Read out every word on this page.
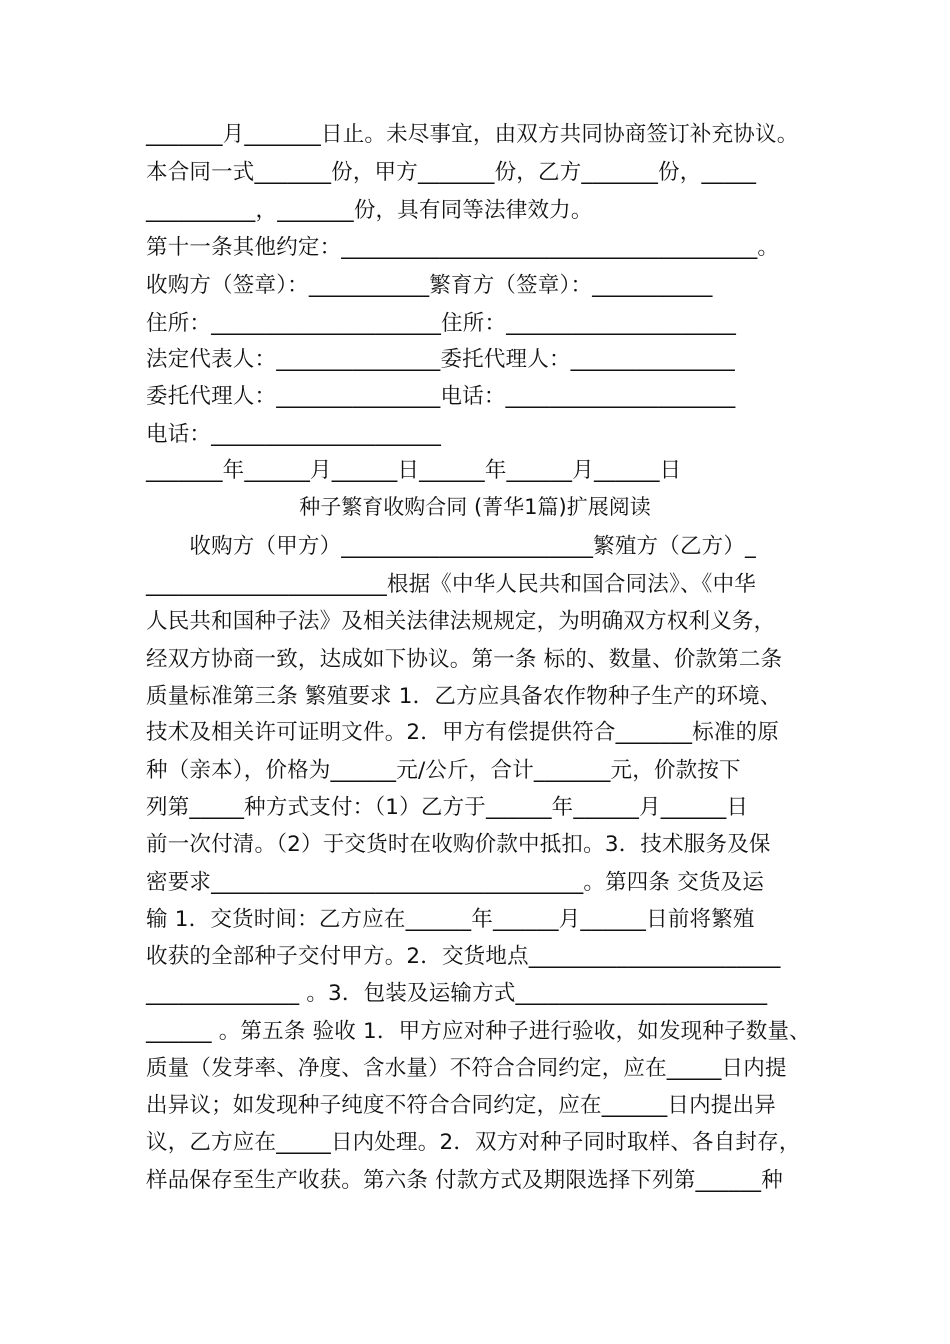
_______月_______日止。未尽事宜，由双方共同协商签订补充协议。
本合同一式_______份，甲方_______份，乙方_______份，_____
__________，_______份，具有同等法律效力。
第十一条其他约定：______________________________________。
收购方（签章）：___________繁育方（签章）：___________
住所：_____________________住所：_____________________
法定代表人：_______________委托代理人：_______________
委托代理人：_______________电话：_____________________
电话：_____________________
_______年______月______日______年______月______日
种子繁育收购合同 (菁华1篇)扩展阅读
　　收购方（甲方）_______________________繁殖方（乙方）_
______________________根据《中华人民共和国合同法》、《中华
人民共和国种子法》及相关法律法规规定，为明确双方权利义务，
经双方协商一致，达成如下协议。第一条 标的、数量、价款第二条
质量标准第三条 繁殖要求 1．乙方应具备农作物种子生产的环境、
技术及相关许可证明文件。2．甲方有偿提供符合_______标准的原
种（亲本），价格为______元/公斤，合计_______元，价款按下
列第_____种方式支付：（1）乙方于______年______月______日
前一次付清。（2）于交货时在收购价款中抵扣。3．技术服务及保
密要求__________________________________。第四条 交货及运
输 1．交货时间：乙方应在______年______月______日前将繁殖
收获的全部种子交付甲方。2．交货地点_______________________
______________ 。3．包装及运输方式_______________________
______ 。第五条 验收 1．甲方应对种子进行验收，如发现种子数量、
质量（发芽率、净度、含水量）不符合合同约定，应在_____日内提
出异议；如发现种子纯度不符合合同约定，应在______日内提出异
议，乙方应在_____日内处理。2．双方对种子同时取样、各自封存，
样品保存至生产收获。第六条 付款方式及期限选择下列第______种
